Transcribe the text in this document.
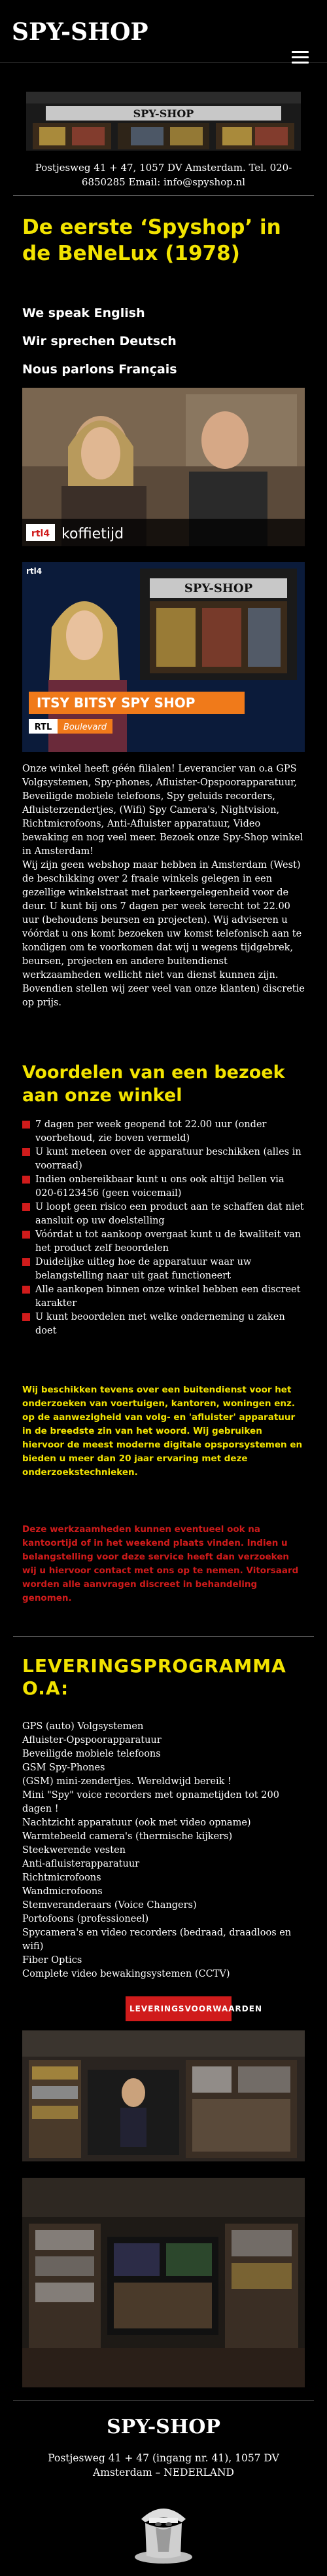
SPY-SHOP
SPY-SHOP
Postjesweg 41 + 47, 1057 DV Amsterdam. Tel. 020-6850285 Email: info@spyshop.nl
De eerste ‘Spyshop’ in de BeNeLux (1978)
We speak English
Wir sprechen Deutsch
Nous parlons Français
rtl4 koffietijd
SPY-SHOP
rtl4
ITSY BITSY SPY SHOP
RTL Boulevard
Onze winkel heeft géén filialen! Leverancier van o.a GPS Volgsystemen, Spy-phones, Afluister-Opspoorapparatuur, Beveiligde mobiele telefoons, Spy geluids recorders, Afluisterzendertjes, (Wifi) Spy Camera's, Nightvision, Richtmicrofoons, Anti-Afluister apparatuur, Video bewaking en nog veel meer. Bezoek onze Spy-Shop winkel in Amsterdam!
Wij zijn geen webshop maar hebben in Amsterdam (West) de beschikking over 2 fraaie winkels gelegen in een gezellige winkelstraat met parkeergelegenheid voor de deur. U kunt bij ons 7 dagen per week terecht tot 22.00 uur (behoudens beursen en projecten). Wij adviseren u vóórdat u ons komt bezoeken uw komst telefonisch aan te kondigen om te voorkomen dat wij u wegens tijdgebrek, beursen, projecten en andere buitendienst werkzaamheden wellicht niet van dienst kunnen zijn. Bovendien stellen wij zeer veel van onze klanten) discretie op prijs.
Voordelen van een bezoek aan onze winkel
7 dagen per week geopend tot 22.00 uur (onder voorbehoud, zie boven vermeld)
U kunt meteen over de apparatuur beschikken (alles in voorraad)
Indien onbereikbaar kunt u ons ook altijd bellen via 020-6123456 (geen voicemail)
U loopt geen risico een product aan te schaffen dat niet aansluit op uw doelstelling
Vóórdat u tot aankoop overgaat kunt u de kwaliteit van het product zelf beoordelen
Duidelijke uitleg hoe de apparatuur waar uw belangstelling naar uit gaat functioneert
Alle aankopen binnen onze winkel hebben een discreet karakter
U kunt beoordelen met welke onderneming u zaken doet
Wij beschikken tevens over een buitendienst voor het onderzoeken van voertuigen, kantoren, woningen enz. op de aanwezigheid van volg- en 'afluister' apparatuur in de breedste zin van het woord. Wij gebruiken hiervoor de meest moderne digitale opsporsystemen en bieden u meer dan 20 jaar ervaring met deze onderzoekstechnieken.
Deze werkzaamheden kunnen eventueel ook na kantoortijd of in het weekend plaats vinden. Indien u belangstelling voor deze service heeft dan verzoeken wij u hiervoor contact met ons op te nemen. Vitorsaard worden alle aanvragen discreet in behandeling genomen.
LEVERINGSPROGRAMMA O.A:
GPS (auto) Volgsystemen
Afluister-Opspoorapparatuur
Beveiligde mobiele telefoons
GSM Spy-Phones
(GSM) mini-zendertjes. Wereldwijd bereik !
Mini "Spy" voice recorders met opnametijden tot 200 dagen !
Nachtzicht apparatuur (ook met video opname)
Warmtebeeld camera's (thermische kijkers)
Steekwerende vesten
Anti-afluisterapparatuur
Richtmicrofoons
Wandmicrofoons
Stemveranderaars (Voice Changers)
Portofoons (professioneel)
Spycamera's en video recorders (bedraad, draadloos en wifi)
Fiber Optics
Complete video bewakingsystemen (CCTV)
LEVERINGSVOORWAARDEN
SPY-SHOP
Postjesweg 41 + 47 (ingang nr. 41), 1057 DV Amsterdam – NEDERLAND
